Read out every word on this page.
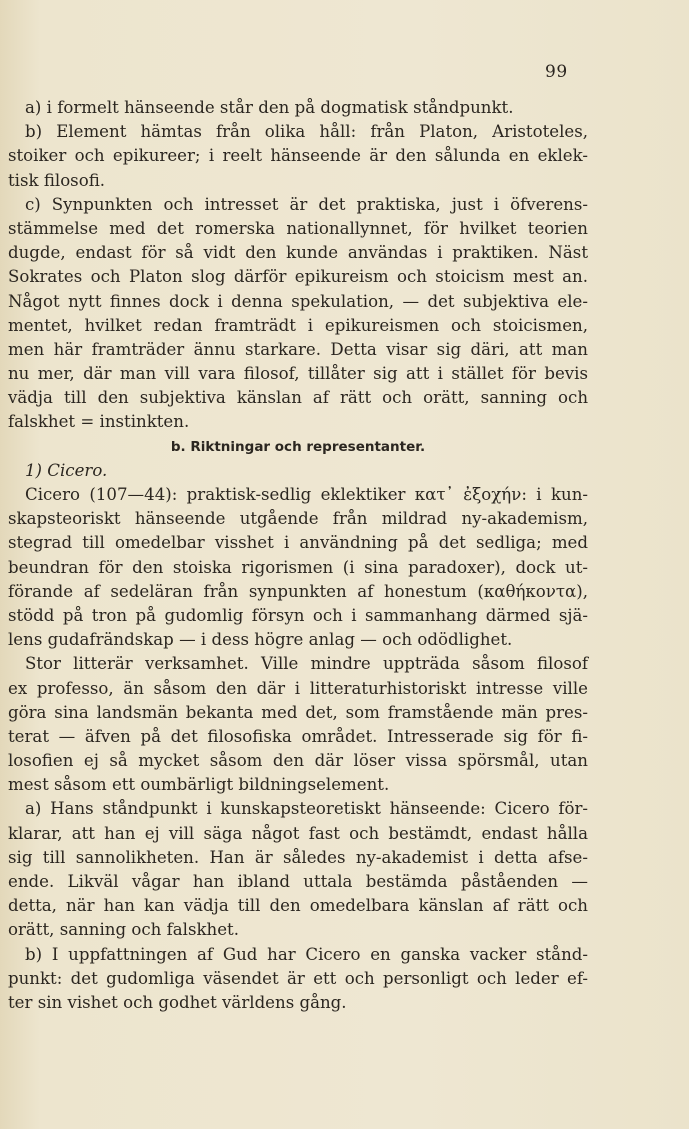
99
a) i formelt hänseende står den på dogmatisk ståndpunkt.
b) Element hämtas från olika håll: från Platon, Aristoteles,
stoiker och epikureer; i reelt hänseende är den sålunda en eklek-
tisk filosofi.
c) Synpunkten och intresset är det praktiska, just i öfverens-
stämmelse med det romerska nationallynnet, för hvilket teorien
dugde, endast för så vidt den kunde användas i praktiken. Näst
Sokrates och Platon slog därför epikureism och stoicism mest an.
Något nytt finnes dock i denna spekulation, — det subjektiva ele-
mentet, hvilket redan framträdt i epikureismen och stoicismen,
men här framträder ännu starkare. Detta visar sig däri, att man
nu mer, där man vill vara filosof, tillåter sig att i stället för bevis
vädja till den subjektiva känslan af rätt och orätt, sanning och
falskhet = instinkten.
b. Riktningar och representanter.
1) Cicero.
Cicero (107—44): praktisk-sedlig eklektiker κατ᾽ ἐξοχήν: i kun-
skapsteoriskt hänseende utgående från mildrad ny-akademism,
stegrad till omedelbar visshet i användning på det sedliga; med
beundran för den stoiska rigorismen (i sina paradoxer), dock ut-
förande af sedeläran från synpunkten af honestum (καθήκοντα),
stödd på tron på gudomlig försyn och i sammanhang därmed sjä-
lens gudafrändskap — i dess högre anlag — och odödlighet.
Stor litterär verksamhet. Ville mindre uppträda såsom filosof
ex professo, än såsom den där i litteraturhistoriskt intresse ville
göra sina landsmän bekanta med det, som framstående män pres-
terat — äfven på det filosofiska området. Intresserade sig för fi-
losofien ej så mycket såsom den där löser vissa spörsmål, utan
mest såsom ett oumbärligt bildningselement.
a) Hans ståndpunkt i kunskapsteoretiskt hänseende: Cicero för-
klarar, att han ej vill säga något fast och bestämdt, endast hålla
sig till sannolikheten. Han är således ny-akademist i detta afse-
ende. Likväl vågar han ibland uttala bestämda påståenden —
detta, när han kan vädja till den omedelbara känslan af rätt och
orätt, sanning och falskhet.
b) I uppfattningen af Gud har Cicero en ganska vacker stånd-
punkt: det gudomliga väsendet är ett och personligt och leder ef-
ter sin vishet och godhet världens gång.
